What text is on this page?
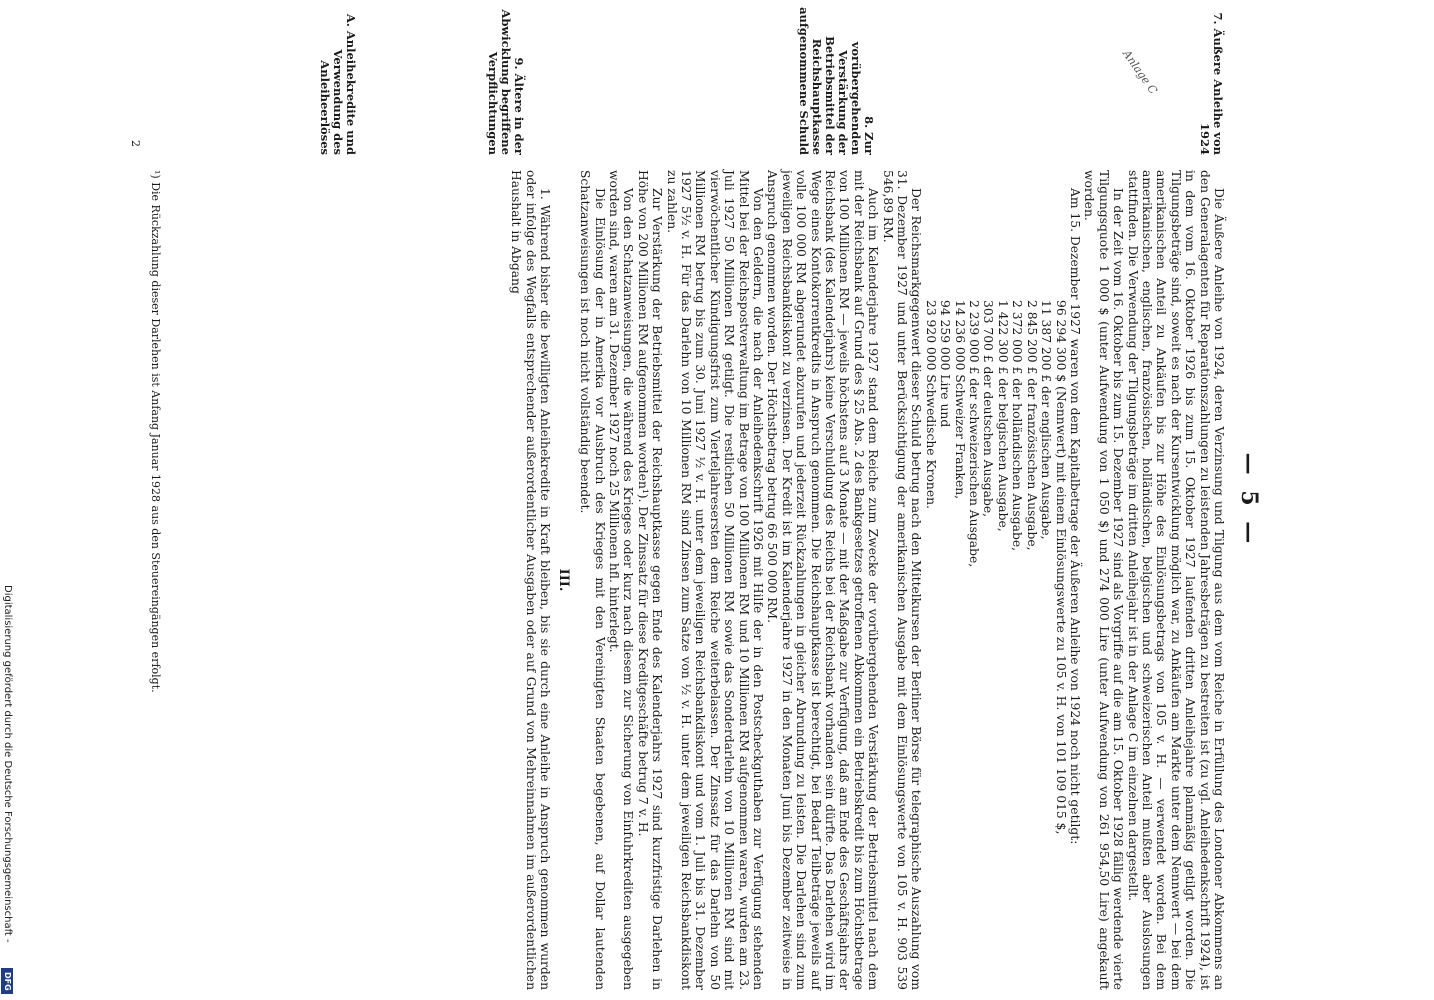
Digitalisierung gefördert durch die Deutsche Forschungsgemeinschaft -
DFG
— 5 —
Anlage C	7. Äußere Anleihe von 1924
8. Zur vorübergehenden Verstärkung der Betriebsmittel der Reichshauptkasse aufgenommene Schuld
9. Ältere in der Abwicklung begriffene Verpflichtungen
A. Anleihekredite und Verwendung des Anleiheerlöses

Die Äußere Anleihe von 1924, deren Verzinsung und Tilgung aus dem vom Reiche in Erfüllung des Londoner Abkommens an den Generalagenten für Reparationszahlungen zu leistenden Jahresbeträgen zu bestreiten ist (zu vgl. Anleihedenkschrift 1924), ist in dem vom 16. Oktober 1926 bis zum 15. Oktober 1927 laufenden dritten Anleihejahre planmäßig getilgt worden. Die Tilgungsbeträge sind, soweit es nach der Kursentwicklung möglich war, zu Ankäufen am Markte unter dem Nennwert — bei dem amerikanischen Anteil zu Ankäufen bis zur Höhe des Einlösungsbetrags von 105 v. H. — verwendet worden. Bei dem amerikanischen, englischen, französischen, holländischen, belgischen und schweizerischen Anteil mußten aber Auslosungen stattfinden. Die Verwendung der Tilgungsbeträge im dritten Anleihejahr ist in der Anlage C im einzelnen dargestellt.

In der Zeit vom 16. Oktober bis zum 15. Dezember 1927 sind als Vorgriffe auf die am 15. Oktober 1928 fällig werdende vierte Tilgungsquote 1 000 $ (unter Aufwendung von 1 050 $) und 274 000 Lire (unter Aufwendung von 261 954,50 Lire) angekauft worden.

Am 15. Dezember 1927 waren von dem Kapitalbetrage der Äußeren Anleihe von 1924 noch nicht getilgt:

96 294 300 $ (Nennwert) mit einem Einlösungswerte zu 105 v. H. von 101 109 015 $,
11 387 200 £ der englischen Ausgabe,
2 845 200 £ der französischen Ausgabe,
2 372 000 £ der holländischen Ausgabe,
1 422 300 £ der belgischen Ausgabe,
303 700 £ der deutschen Ausgabe,
2 239 000 £ der schweizerischen Ausgabe,
14 236 000 Schweizer Franken,
94 259 000 Lire und
23 920 000 Schwedische Kronen.

Der Reichsmarkgegenwert dieser Schuld betrug nach den Mittelkursen der Berliner Börse für telegraphische Auszahlung vom 31. Dezember 1927 und unter Berücksichtigung der amerikanischen Ausgabe mit dem Einlösungswerte von 105 v. H. 903 539 546,89 RM.

Auch im Kalenderjahre 1927 stand dem Reiche zum Zwecke der vorübergehenden Verstärkung der Betriebsmittel nach dem mit der Reichsbank auf Grund des § 25 Abs. 2 des Bankgesetzes getroffenen Abkommen ein Betriebskredit bis zum Höchstbetrage von 100 Millionen RM — jeweils höchstens auf 3 Monate — mit der Maßgabe zur Verfügung, daß am Ende des Geschäftsjahrs der Reichsbank (des Kalenderjahrs) keine Verschuldung des Reichs bei der Reichsbank vorhanden sein dürfte. Das Darlehen wird im Wege eines Kontokorrentkredits in Anspruch genommen. Die Reichshauptkasse ist berechtigt, bei Bedarf Teilbeträge jeweils auf volle 100 000 RM abgerundet abzurufen und jederzeit Rückzahlungen in gleicher Abrundung zu leisten. Die Darlehen sind zum jeweiligen Reichsbankdiskont zu verzinsen. Der Kredit ist im Kalenderjahre 1927 in den Monaten Juni bis Dezember zeitweise in Anspruch genommen worden. Der Höchstbetrag betrug 66 500 000 RM.

Von den Geldern, die nach der Anleihedenkschrift 1926 mit Hilfe der in den Postscheckguthaben zur Verfügung stehenden Mittel bei der Reichspostverwaltung im Betrage von 100 Millionen RM und 10 Millionen RM aufgenommen waren, wurden am 23. Juli 1927 50 Millionen RM getilgt. Die restlichen 50 Millionen RM sowie das Sonderdarlehn von 10 Millionen RM sind mit vierwöchentlicher Kündigungsfrist zum Vierteljahresersten dem Reiche weiterbelassen. Der Zinssatz für das Darlehn von 50 Millionen RM betrug bis zum 30. Juni 1927 ½ v. H. unter dem jeweiligen Reichsbankdiskont und vom 1. Juli bis 31. Dezember 1927 5½ v. H. Für das Darlehn von 10 Millionen RM sind Zinsen zum Satze von ½ v. H. unter dem jeweiligen Reichsbankdiskont zu zahlen.

Zur Verstärkung der Betriebsmittel der Reichshauptkasse gegen Ende des Kalenderjahrs 1927 sind kurzfristige Darlehen in Höhe von 200 Millionen RM aufgenommen worden¹). Der Zinssatz für diese Kreditgeschäfte betrug 7 v. H.

Von den Schatzanweisungen, die während des Krieges oder kurz nach diesem zur Sicherung von Einfuhrkrediten ausgegeben worden sind, waren am 31. Dezember 1927 noch 25 Millionen hfl. hinterlegt.

Die Einlösung der in Amerika vor Ausbruch des Krieges mit den Vereinigten Staaten begebenen, auf Dollar lautenden Schatzanweisungen ist noch nicht vollständig beendet.

III.

1. Während bisher die bewilligten Anleihekredite in Kraft bleiben, bis sie durch eine Anleihe in Anspruch genommen wurden oder infolge des Wegfalls entsprechender außerordentlicher Ausgaben oder auf Grund von Mehreinnahmen im außerordentlichen Haushalt in Abgang

¹) Die Rückzahlung dieser Darlehen ist Anfang Januar 1928 aus den Steuereingängen erfolgt.
2
